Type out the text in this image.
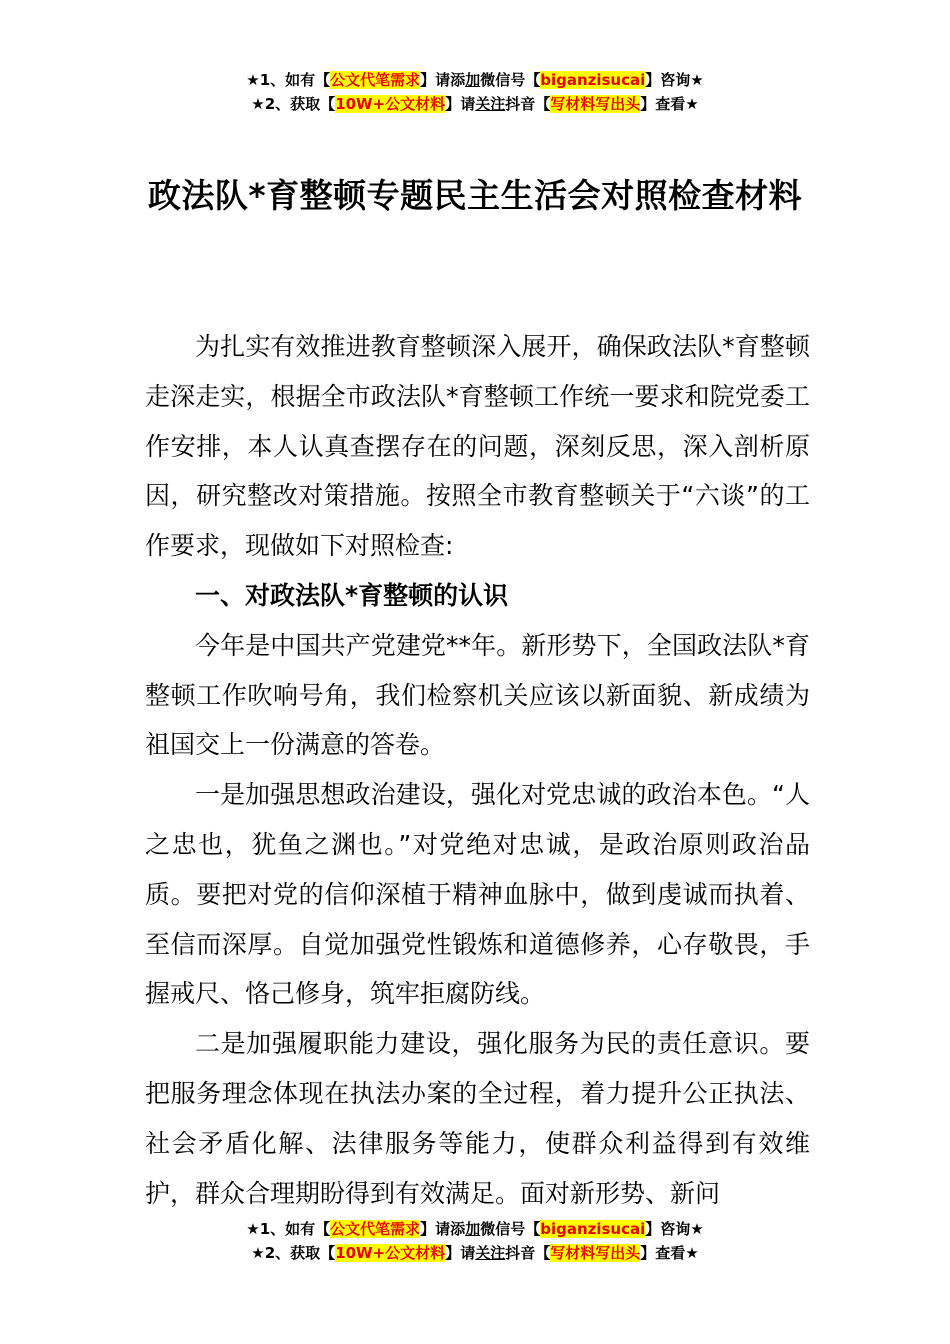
★1、如有【公文代笔需求】请添加微信号【biganzisucai】咨询★
★2、获取【10W+公文材料】请关注抖音【写材料写出头】查看★
政法队*育整顿专题民主生活会对照检查材料

为扎实有效推进教育整顿深入展开，确保政法队*育整顿走深走实，根据全市政法队*育整顿工作统一要求和院党委工作安排，本人认真查摆存在的问题，深刻反思，深入剖析原因，研究整改对策措施。按照全市教育整顿关于“六谈”的工作要求，现做如下对照检查:

一、对政法队*育整顿的认识

今年是中国共产党建党**年。新形势下，全国政法队*育整顿工作吹响号角，我们检察机关应该以新面貌、新成绩为祖国交上一份满意的答卷。

一是加强思想政治建设，强化对党忠诚的政治本色。“人之忠也，犹鱼之渊也。”对党绝对忠诚，是政治原则政治品质。要把对党的信仰深植于精神血脉中，做到虔诚而执着、至信而深厚。自觉加强党性锻炼和道德修养，心存敬畏，手握戒尺、恪己修身，筑牢拒腐防线。

二是加强履职能力建设，强化服务为民的责任意识。要把服务理念体现在执法办案的全过程，着力提升公正执法、社会矛盾化解、法律服务等能力，使群众利益得到有效维护，群众合理期盼得到有效满足。面对新形势、新问

★1、如有【公文代笔需求】请添加微信号【biganzisucai】咨询★
★2、获取【10W+公文材料】请关注抖音【写材料写出头】查看★
